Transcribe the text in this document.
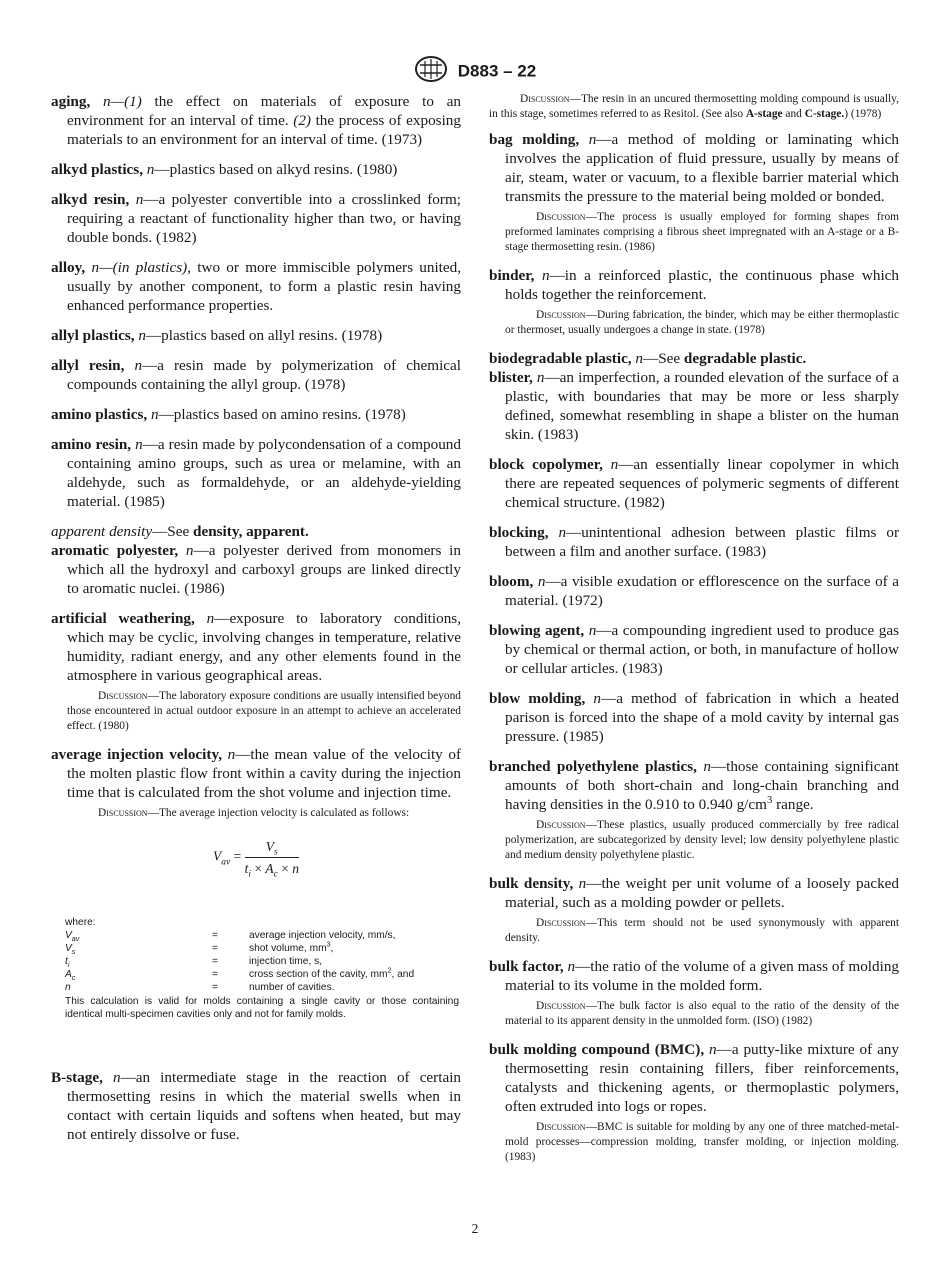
D883 – 22

aging, n—(1) the effect on materials of exposure to an environment for an interval of time. (2) the process of exposing materials to an environment for an interval of time. (1973)

alkyd plastics, n—plastics based on alkyd resins. (1980)

alkyd resin, n—a polyester convertible into a crosslinked form; requiring a reactant of functionality higher than two, or having double bonds. (1982)

alloy, n—(in plastics), two or more immiscible polymers united, usually by another component, to form a plastic resin having enhanced performance properties.

allyl plastics, n—plastics based on allyl resins. (1978)

allyl resin, n—a resin made by polymerization of chemical compounds containing the allyl group. (1978)

amino plastics, n—plastics based on amino resins. (1978)

amino resin, n—a resin made by polycondensation of a compound containing amino groups, such as urea or melamine, with an aldehyde, such as formaldehyde, or an aldehyde-yielding material. (1985)

apparent density—See density, apparent.

aromatic polyester, n—a polyester derived from monomers in which all the hydroxyl and carboxyl groups are linked directly to aromatic nuclei. (1986)

artificial weathering, n—exposure to laboratory conditions, which may be cyclic, involving changes in temperature, relative humidity, radiant energy, and any other elements found in the atmosphere in various geographical areas.

Discussion—The laboratory exposure conditions are usually intensified beyond those encountered in actual outdoor exposure in an attempt to achieve an accelerated effect. (1980)

average injection velocity, n—the mean value of the velocity of the molten plastic flow front within a cavity during the injection time that is calculated from the shot volume and injection time.

Discussion—The average injection velocity is calculated as follows:

$V_{av} = \frac{V_s}{t_i \times A_c \times n}$
where:
$V_{av}$	=	average injection velocity, mm/s,
$V_s$	=	shot volume, $mm^3$,
$t_i$	=	injection time, s,
$A_c$	=	cross section of the cavity, $mm^2$, and
n	=	number of cavities.
This calculation is valid for molds containing a single cavity or those containing identical multi-specimen cavities only and not for family molds.

B-stage, n—an intermediate stage in the reaction of certain thermosetting resins in which the material swells when in contact with certain liquids and softens when heated, but may not entirely dissolve or fuse.

Discussion—The resin in an uncured thermosetting molding compound is usually, in this stage, sometimes referred to as Resitol. (See also A-stage and C-stage.) (1978)

bag molding, n—a method of molding or laminating which involves the application of fluid pressure, usually by means of air, steam, water or vacuum, to a flexible barrier material which transmits the pressure to the material being molded or bonded.

Discussion—The process is usually employed for forming shapes from preformed laminates comprising a fibrous sheet impregnated with an A-stage or a B-stage thermosetting resin. (1986)

binder, n—in a reinforced plastic, the continuous phase which holds together the reinforcement.

Discussion—During fabrication, the binder, which may be either thermoplastic or thermoset, usually undergoes a change in state. (1978)

biodegradable plastic, n—See degradable plastic.

blister, n—an imperfection, a rounded elevation of the surface of a plastic, with boundaries that may be more or less sharply defined, somewhat resembling in shape a blister on the human skin. (1983)

block copolymer, n—an essentially linear copolymer in which there are repeated sequences of polymeric segments of different chemical structure. (1982)

blocking, n—unintentional adhesion between plastic films or between a film and another surface. (1983)

bloom, n—a visible exudation or efflorescence on the surface of a material. (1972)

blowing agent, n—a compounding ingredient used to produce gas by chemical or thermal action, or both, in manufacture of hollow or cellular articles. (1983)

blow molding, n—a method of fabrication in which a heated parison is forced into the shape of a mold cavity by internal gas pressure. (1985)

branched polyethylene plastics, n—those containing significant amounts of both short-chain and long-chain branching and having densities in the 0.910 to 0.940 $g/cm^3$ range.

Discussion—These plastics, usually produced commercially by free radical polymerization, are subcategorized by density level; low density polyethylene plastic and medium density polyethylene plastic.

bulk density, n—the weight per unit volume of a loosely packed material, such as a molding powder or pellets.

Discussion—This term should not be used synonymously with apparent density.

bulk factor, n—the ratio of the volume of a given mass of molding material to its volume in the molded form.

Discussion—The bulk factor is also equal to the ratio of the density of the material to its apparent density in the unmolded form. (ISO) (1982)

bulk molding compound (BMC), n—a putty-like mixture of any thermosetting resin containing fillers, fiber reinforcements, catalysts and thickening agents, or thermoplastic polymers, often extruded into logs or ropes.

Discussion—BMC is suitable for molding by any one of three matched-metal-mold processes—compression molding, transfer molding, or injection molding. (1983)

2
